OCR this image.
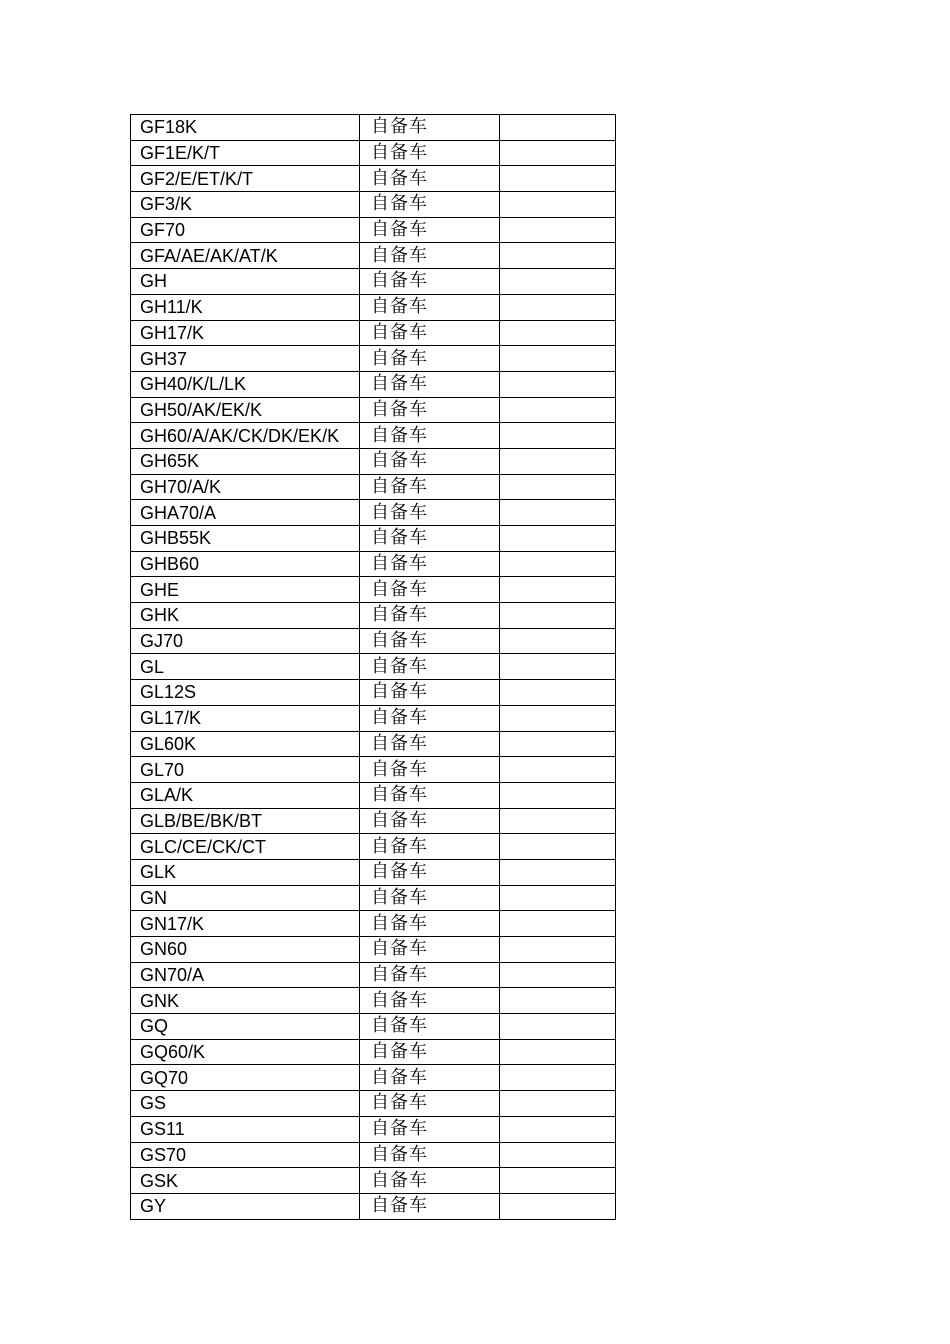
GF18K	自备车	
GF1E/K/T	自备车	
GF2/E/ET/K/T	自备车	
GF3/K	自备车	
GF70	自备车	
GFA/AE/AK/AT/K	自备车	
GH	自备车	
GH11/K	自备车	
GH17/K	自备车	
GH37	自备车	
GH40/K/L/LK	自备车	
GH50/AK/EK/K	自备车	
GH60/A/AK/CK/DK/EK/K	自备车	
GH65K	自备车	
GH70/A/K	自备车	
GHA70/A	自备车	
GHB55K	自备车	
GHB60	自备车	
GHE	自备车	
GHK	自备车	
GJ70	自备车	
GL	自备车	
GL12S	自备车	
GL17/K	自备车	
GL60K	自备车	
GL70	自备车	
GLA/K	自备车	
GLB/BE/BK/BT	自备车	
GLC/CE/CK/CT	自备车	
GLK	自备车	
GN	自备车	
GN17/K	自备车	
GN60	自备车	
GN70/A	自备车	
GNK	自备车	
GQ	自备车	
GQ60/K	自备车	
GQ70	自备车	
GS	自备车	
GS11	自备车	
GS70	自备车	
GSK	自备车	
GY	自备车	
